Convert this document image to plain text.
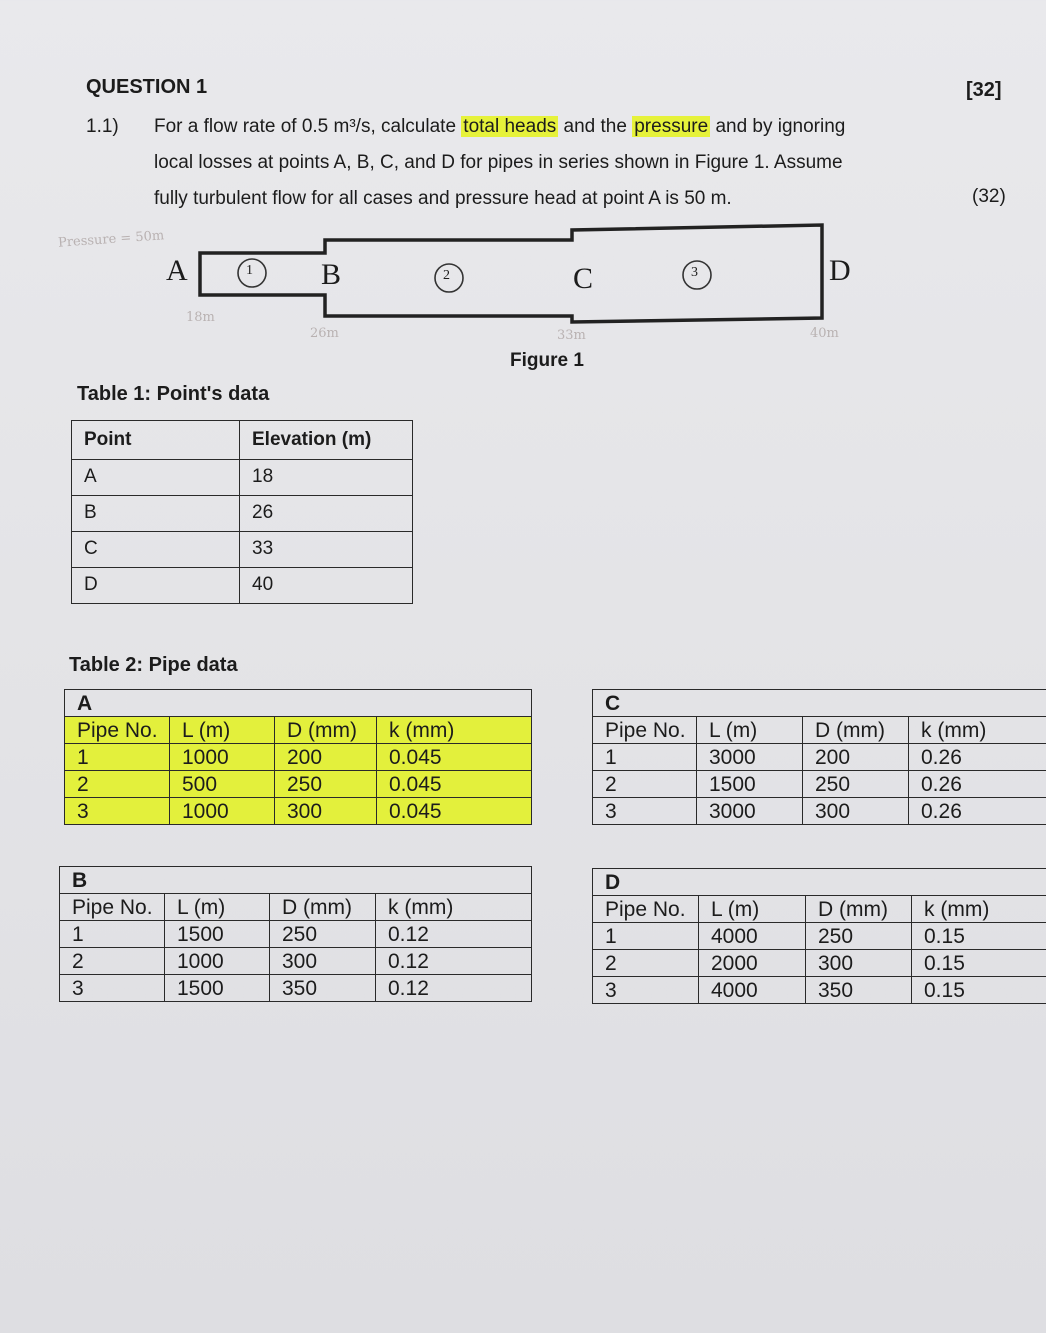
QUESTION 1	[32]
1.1) For a flow rate of 0.5 m³/s, calculate total heads and the pressure and by ignoring
local losses at points A, B, C, and D for pipes in series shown in Figure 1. Assume
fully turbulent flow for all cases and pressure head at point A is 50 m.	(32)
1	2	3
A	B	C	D
Pressure = 50m
18m
26m	33m	40m
Figure 1
Table 1: Point's data
Point	Elevation (m)
A	18
B	26
C	33
D	40
Table 2: Pipe data
A			
Pipe No.	L (m)	D (mm)	k (mm)
1	1000	200	0.045
2	500	250	0.045
3	1000	300	0.045
C			
Pipe No.	L (m)	D (mm)	k (mm)
1	3000	200	0.26
2	1500	250	0.26
3	3000	300	0.26
B			
Pipe No.	L (m)	D (mm)	k (mm)
1	1500	250	0.12
2	1000	300	0.12
3	1500	350	0.12
D			
Pipe No.	L (m)	D (mm)	k (mm)
1	4000	250	0.15
2	2000	300	0.15
3	4000	350	0.15
